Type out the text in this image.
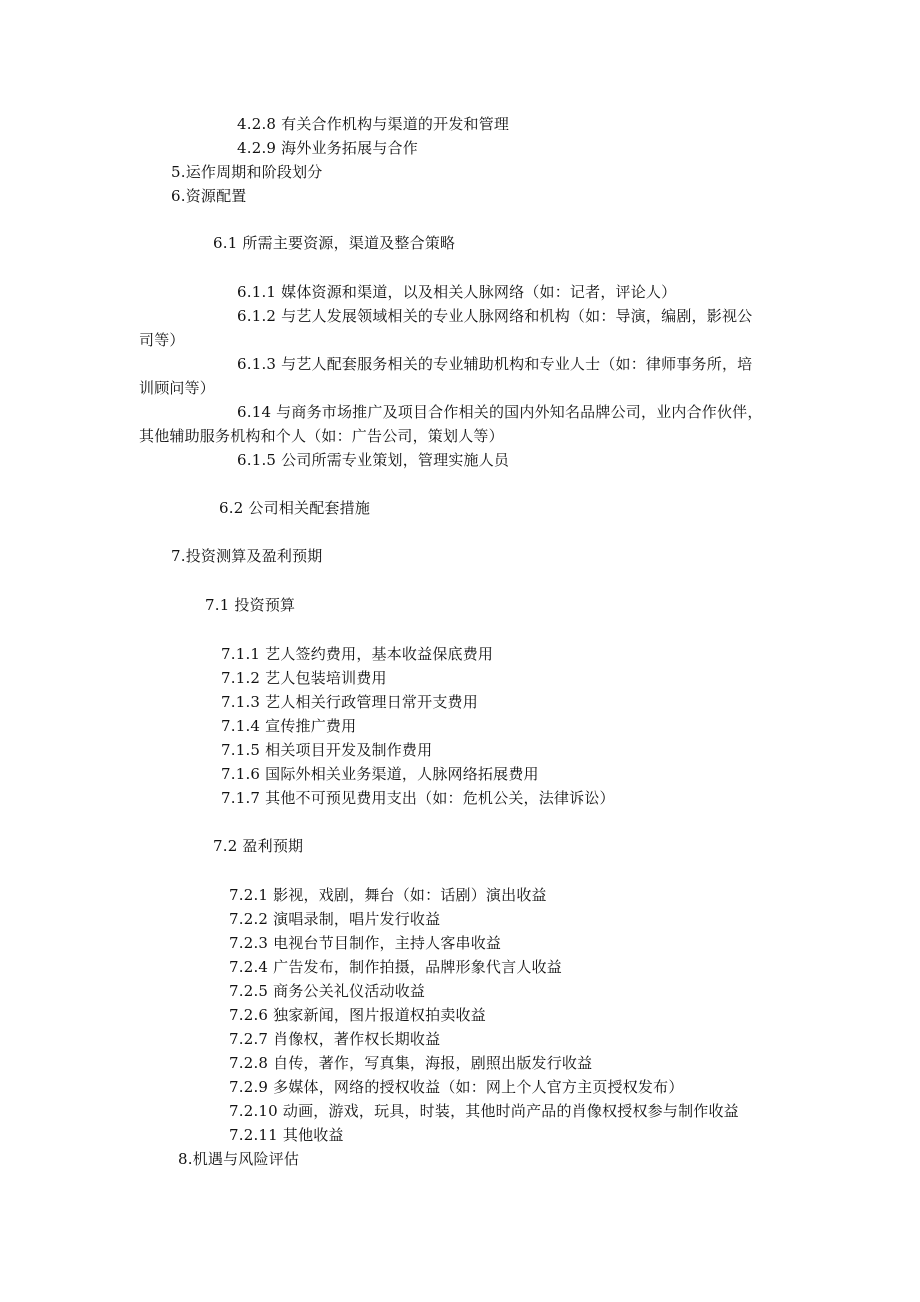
4.2.8 有关合作机构与渠道的开发和管理
4.2.9 海外业务拓展与合作
5.运作周期和阶段划分
6.资源配置
6.1 所需主要资源，渠道及整合策略
6.1.1 媒体资源和渠道，以及相关人脉网络（如：记者，评论人）
6.1.2 与艺人发展领域相关的专业人脉网络和机构（如：导演，编剧，影视公
司等）
6.1.3 与艺人配套服务相关的专业辅助机构和专业人士（如：律师事务所，培
训顾问等）
6.14 与商务市场推广及项目合作相关的国内外知名品牌公司，业内合作伙伴，
其他辅助服务机构和个人（如：广告公司，策划人等）
6.1.5 公司所需专业策划，管理实施人员
6.2 公司相关配套措施
7.投资测算及盈利预期
7.1 投资预算
7.1.1 艺人签约费用，基本收益保底费用
7.1.2 艺人包装培训费用
7.1.3 艺人相关行政管理日常开支费用
7.1.4 宣传推广费用
7.1.5 相关项目开发及制作费用
7.1.6 国际外相关业务渠道，人脉网络拓展费用
7.1.7 其他不可预见费用支出（如：危机公关，法律诉讼）
7.2 盈利预期
7.2.1 影视，戏剧，舞台（如：话剧）演出收益
7.2.2 演唱录制，唱片发行收益
7.2.3 电视台节目制作，主持人客串收益
7.2.4 广告发布，制作拍摄，品牌形象代言人收益
7.2.5 商务公关礼仪活动收益
7.2.6 独家新闻，图片报道权拍卖收益
7.2.7 肖像权，著作权长期收益
7.2.8 自传，著作，写真集，海报，剧照出版发行收益
7.2.9 多媒体，网络的授权收益（如：网上个人官方主页授权发布）
7.2.10 动画，游戏，玩具，时装，其他时尚产品的肖像权授权参与制作收益
7.2.11 其他收益
8.机遇与风险评估
